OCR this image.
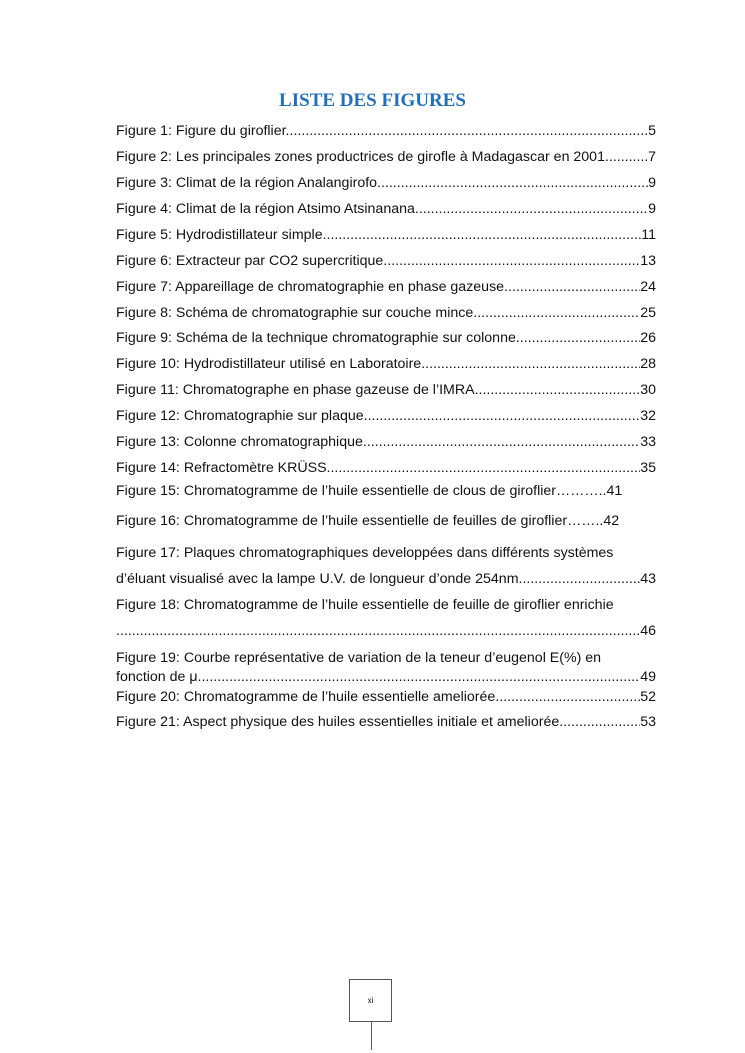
LISTE DES FIGURES
Figure 1: Figure du giroflier. .....	5
Figure 2: Les principales zones productrices de girofle à Madagascar en 2001 .....	7
Figure 3: Climat de la région Analangirofo. .....	9
Figure 4: Climat de la région Atsimo Atsinanana. .....	9
Figure 5: Hydrodistillateur simple. .....	11
Figure 6: Extracteur par CO2 supercritique. .....	13
Figure 7: Appareillage de chromatographie en phase gazeuse. .....	24
Figure 8: Schéma de chromatographie sur couche mince. .....	25
Figure 9: Schéma de la technique chromatographie sur colonne. .....	26
Figure 10: Hydrodistillateur utilisé en Laboratoire. .....	28
Figure 11: Chromatographe en phase gazeuse de l’IMRA. .....	30
Figure 12: Chromatographie sur plaque. .....	32
Figure 13: Colonne chromatographique. .....	33
Figure 14: Refractomètre KRÜSS .....	35
Figure 15: Chromatogramme de l’huile essentielle de clous de giroflier………..41
Figure 16: Chromatogramme de l’huile essentielle de feuilles de giroflier……..42
Figure 17: Plaques chromatographiques developpées dans différents systèmes
d’éluant visualisé avec la lampe U.V. de longueur d’onde 254nm. .....	43
Figure 18: Chromatogramme de l’huile essentielle de feuille de giroflier enrichie
.....
46
Figure 19: Courbe représentative de variation de la teneur d’eugenol E(%) en
fonction de μ. .....	49
Figure 20: Chromatogramme de l’huile essentielle ameliorée .....	52
Figure 21: Aspect physique des huiles essentielles initiale et ameliorée .....	53
xi
